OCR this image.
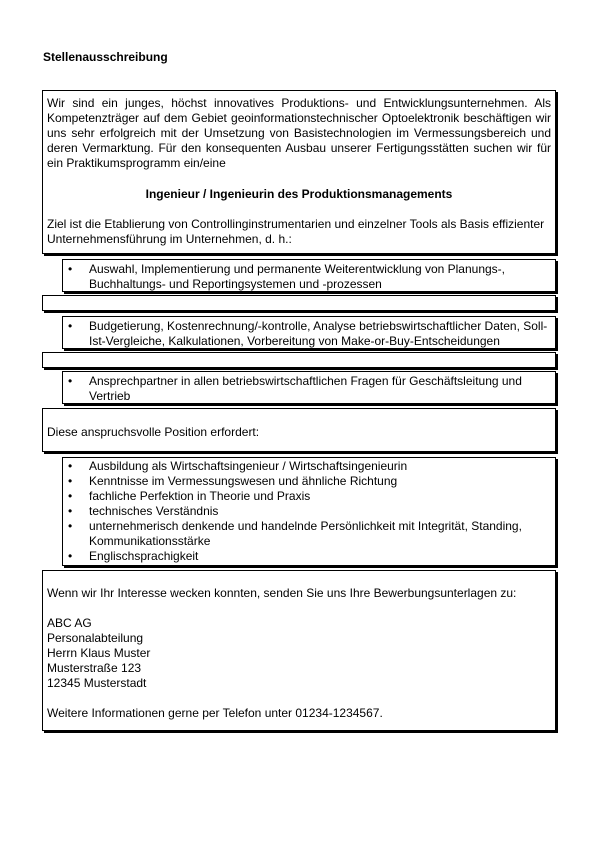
Stellenausschreibung

Wir sind ein junges, höchst innovatives Produktions- und Entwicklungsunternehmen. Als Kompetenzträger auf dem Gebiet geoinformationstechnischer Optoelektronik beschäftigen wir uns sehr erfolgreich mit der Umsetzung von Basistechnologien im Vermessungsbereich und deren Vermarktung. Für den konsequenten Ausbau unserer Fertigungsstätten suchen wir für ein Praktikumsprogramm ein/eine

Ingenieur / Ingenieurin des Produktionsmanagements

Ziel ist die Etablierung von Controllinginstrumentarien und einzelner Tools als Basis effizienter Unternehmensführung im Unternehmen, d. h.:

• Auswahl, Implementierung und permanente Weiterentwicklung von Planungs-, Buchhaltungs- und Reportingsystemen und -prozessen
• Budgetierung, Kostenrechnung/-kontrolle, Analyse betriebswirtschaftlicher Daten, Soll-Ist-Vergleiche, Kalkulationen, Vorbereitung von Make-or-Buy-Entscheidungen
• Ansprechpartner in allen betriebswirtschaftlichen Fragen für Geschäftsleitung und Vertrieb

Diese anspruchsvolle Position erfordert:

• Ausbildung als Wirtschaftsingenieur / Wirtschaftsingenieurin
• Kenntnisse im Vermessungswesen und ähnliche Richtung
• fachliche Perfektion in Theorie und Praxis
• technisches Verständnis
• unternehmerisch denkende und handelnde Persönlichkeit mit Integrität, Standing, Kommunikationsstärke
• Englischsprachigkeit

Wenn wir Ihr Interesse wecken konnten, senden Sie uns Ihre Bewerbungsunterlagen zu:

ABC AG

Personalabteilung

Herrn Klaus Muster

Musterstraße 123

12345 Musterstadt

Weitere Informationen gerne per Telefon unter 01234-1234567.
